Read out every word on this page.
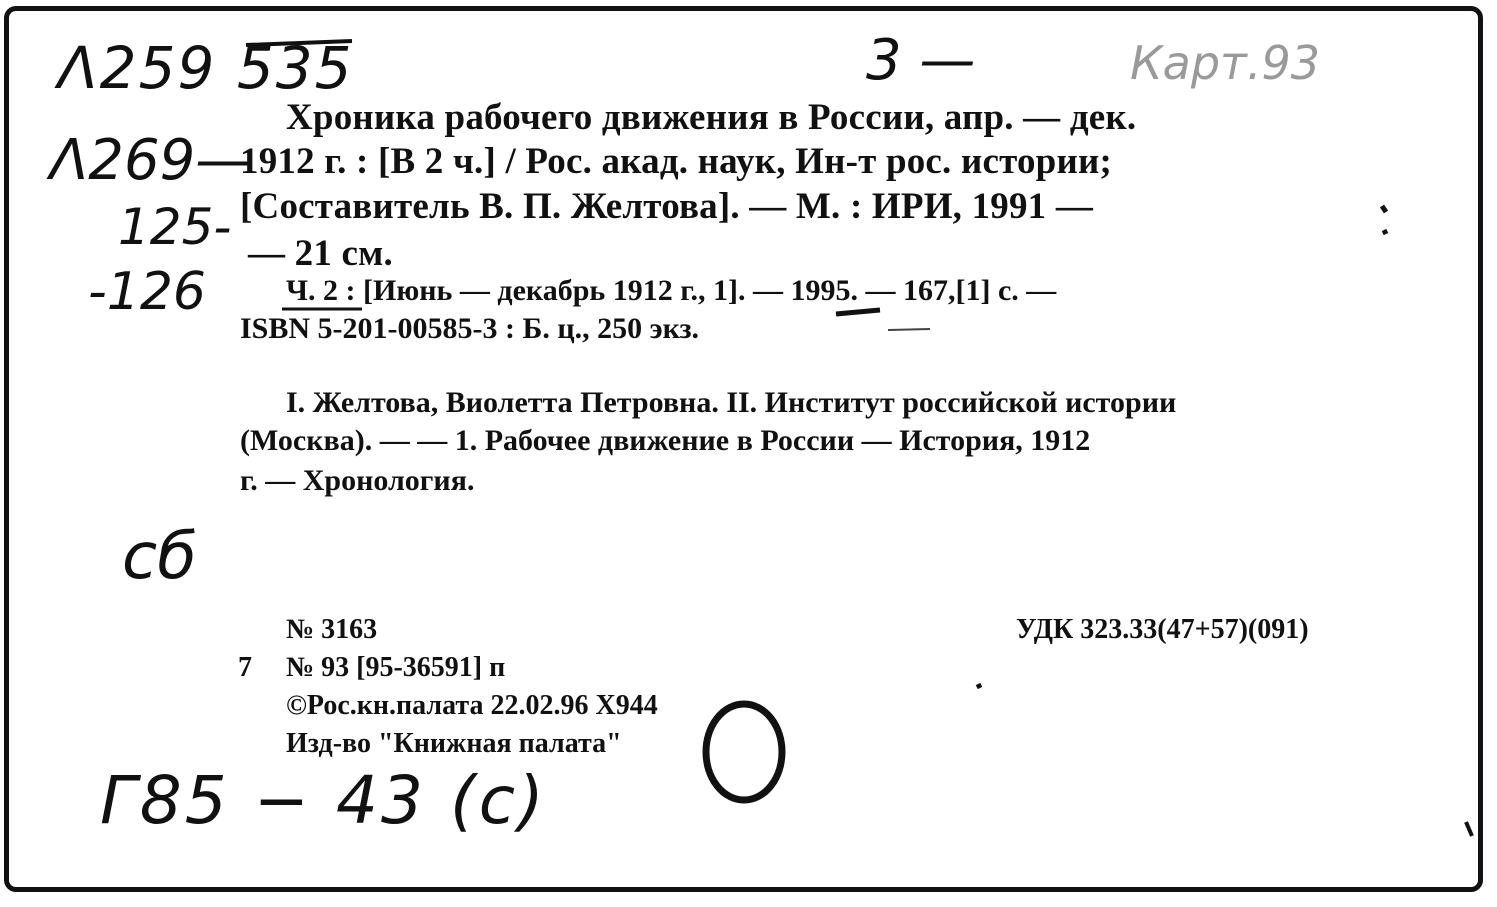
Λ259 535
Λ269—
125-
-126
3 —	Карт.93
сб
Г85 − 43 (с)
Хроника рабочего движения в России, апр. — дек.
1912 г. : [В 2 ч.] / Рос. акад. наук, Ин-т рос. истории;
[Составитель В. П. Желтова]. — М. : ИРИ, 1991 —
— 21 см.
Ч. 2 : [Июнь — декабрь 1912 г., 1]. — 1995. — 167,[1] с. —
ISBN 5-201-00585-3 : Б. ц., 250 экз.
I. Желтова, Виолетта Петровна. II. Институт российской истории
(Москва). — — 1. Рабочее движение в России — История, 1912
г. — Хронология.
№ 3163
7 № 93 [95-36591] п
©Рос.кн.палата 22.02.96 Х944
Изд-во "Книжная палата"
УДК 323.33(47+57)(091)
